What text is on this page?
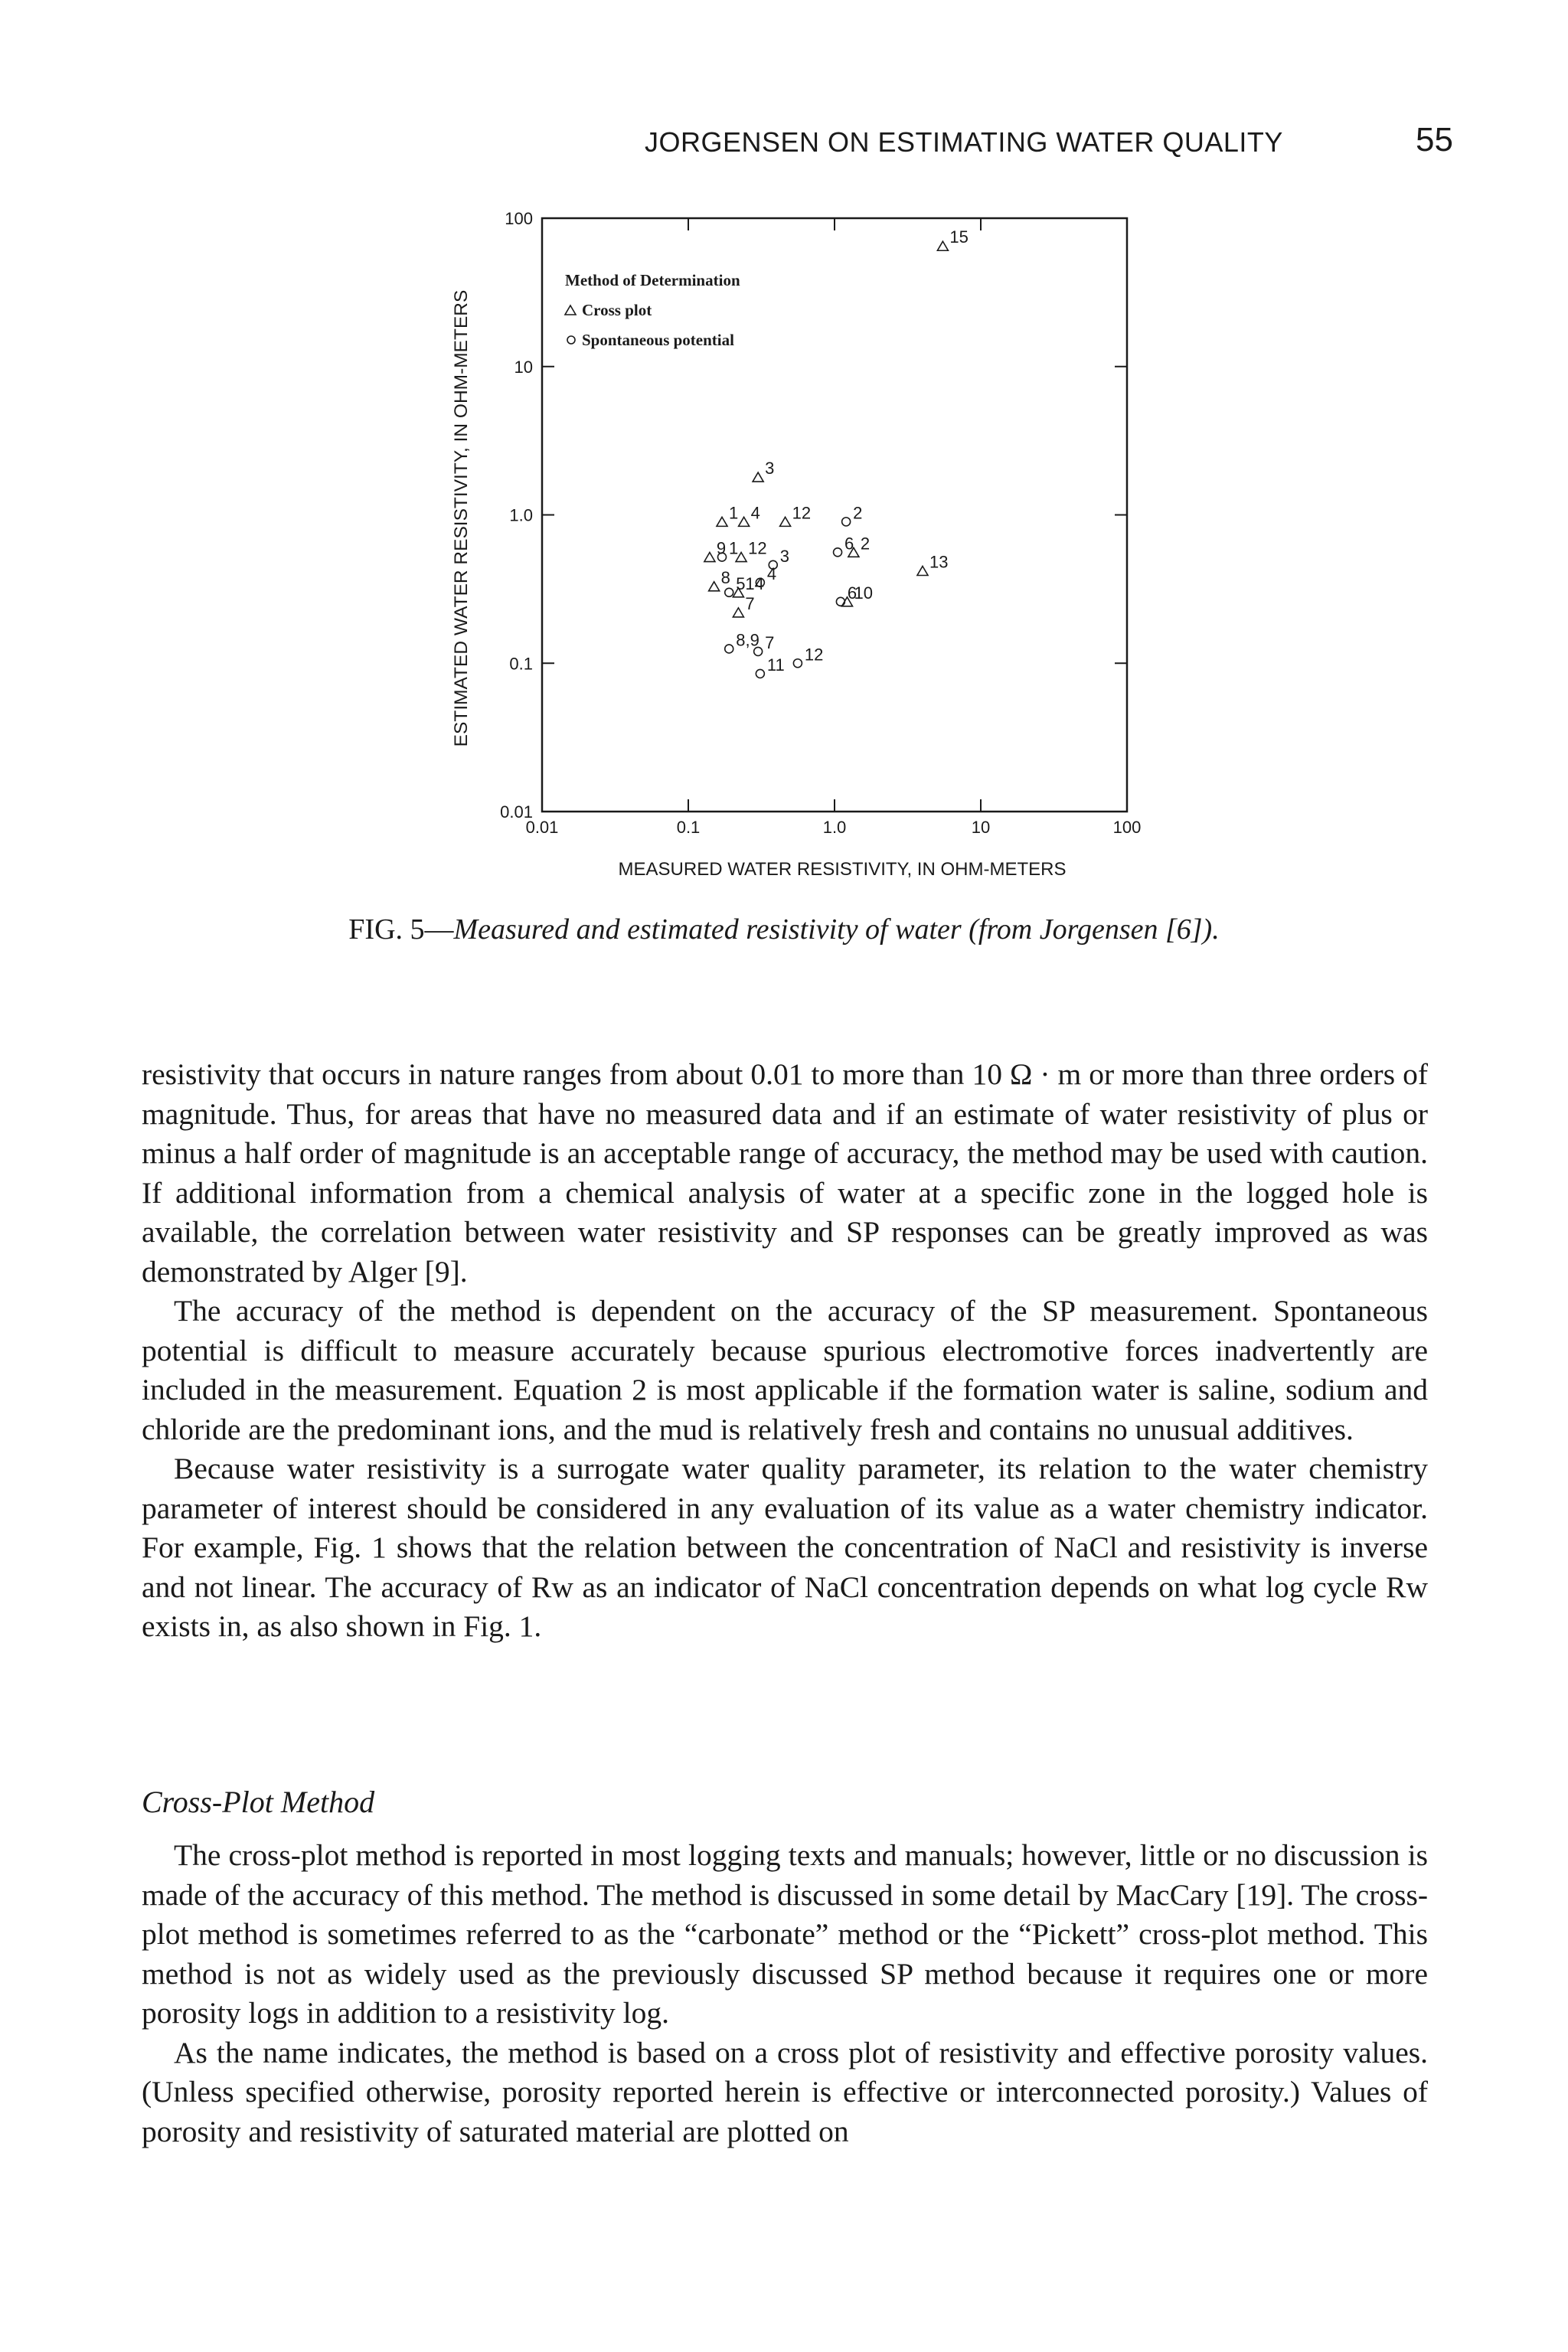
JORGENSEN ON ESTIMATING WATER QUALITY	55
0.01
0.01
0.1
0.1
1.0
1.0
10
10
100
100
ESTIMATED WATER RESISTIVITY, IN OHM-METERS
MEASURED WATER RESISTIVITY, IN OHM-METERS
Method of Determination
Cross plot
Spontaneous potential
15
3
1 4 12
12
9	2
13
8 14	10
7
2
1 3
6
4
5	6
8,9 7
11
12
FIG. 5—Measured and estimated resistivity of water (from Jorgensen [6]).

resistivity that occurs in nature ranges from about 0.01 to more than 10 Ω · m or more than three orders of magnitude. Thus, for areas that have no measured data and if an estimate of water resistivity of plus or minus a half order of magnitude is an acceptable range of accuracy, the method may be used with caution. If additional information from a chemical analysis of water at a specific zone in the logged hole is available, the correlation between water resistivity and SP responses can be greatly improved as was demonstrated by Alger [9].

The accuracy of the method is dependent on the accuracy of the SP measurement. Spontaneous potential is difficult to measure accurately because spurious electromotive forces inadvertently are included in the measurement. Equation 2 is most applicable if the formation water is saline, sodium and chloride are the predominant ions, and the mud is relatively fresh and contains no unusual additives.

Because water resistivity is a surrogate water quality parameter, its relation to the water chemistry parameter of interest should be considered in any evaluation of its value as a water chemistry indicator. For example, Fig. 1 shows that the relation between the concentration of NaCl and resistivity is inverse and not linear. The accuracy of Rw as an indicator of NaCl concentration depends on what log cycle Rw exists in, as also shown in Fig. 1.

Cross-Plot Method

The cross-plot method is reported in most logging texts and manuals; however, little or no discussion is made of the accuracy of this method. The method is discussed in some detail by MacCary [19]. The cross-plot method is sometimes referred to as the “carbonate” method or the “Pickett” cross-plot method. This method is not as widely used as the previously discussed SP method because it requires one or more porosity logs in addition to a resistivity log.

As the name indicates, the method is based on a cross plot of resistivity and effective porosity values. (Unless specified otherwise, porosity reported herein is effective or interconnected porosity.) Values of porosity and resistivity of saturated material are plotted on
